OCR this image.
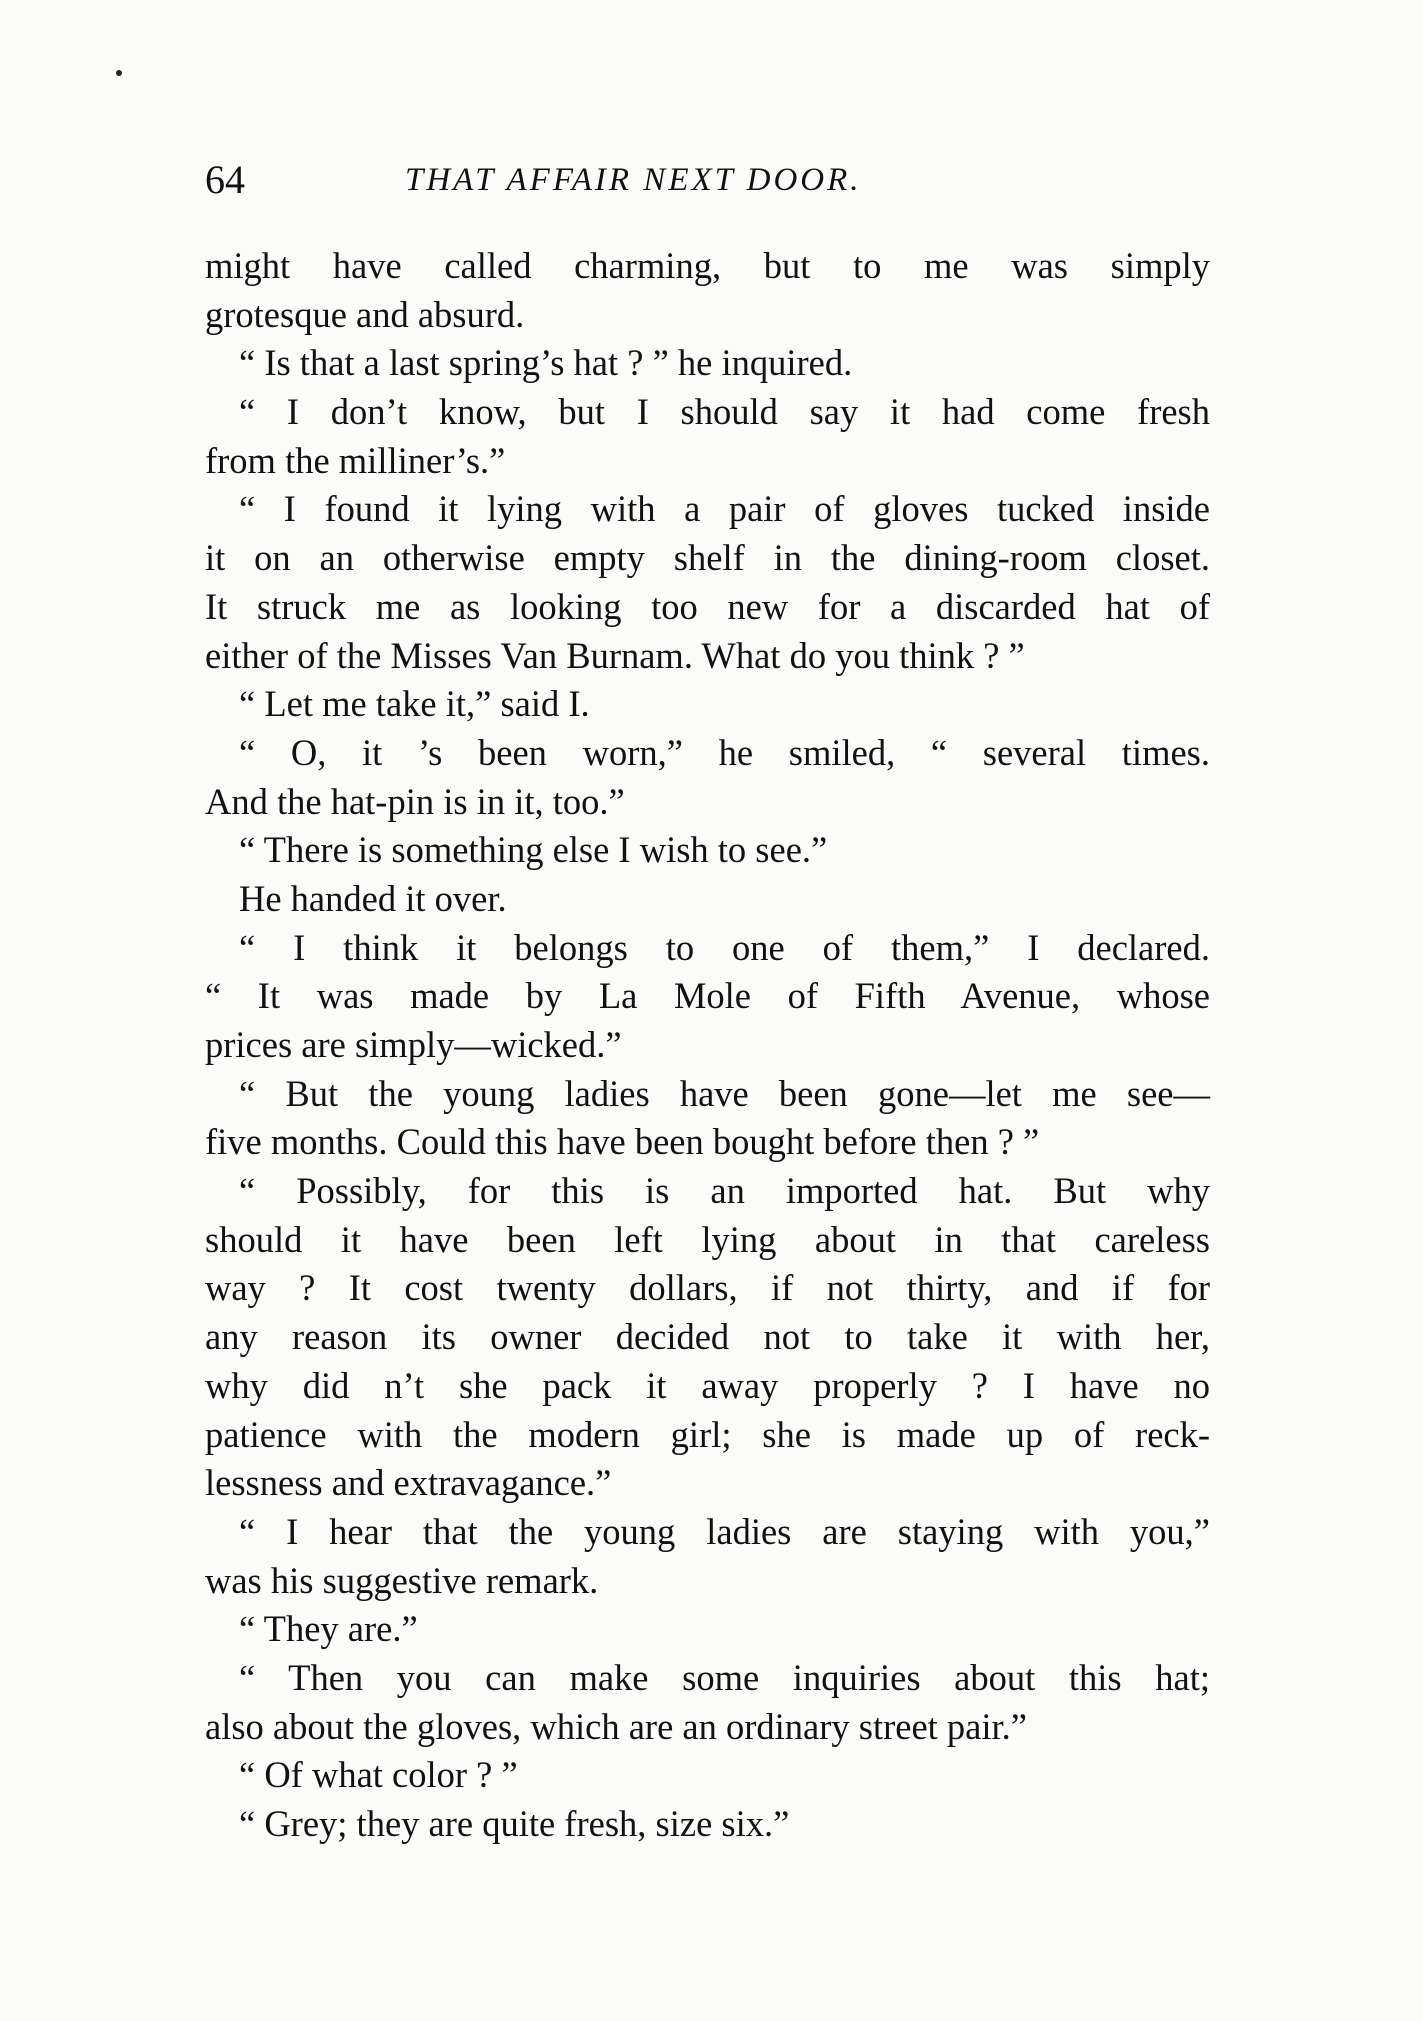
64	THAT AFFAIR NEXT DOOR.
might have called charming, but to me was simply
grotesque and absurd.
“ Is that a last spring’s hat ? ” he inquired.
“ I don’t know, but I should say it had come fresh
from the milliner’s.”
“ I found it lying with a pair of gloves tucked inside
it on an otherwise empty shelf in the dining-room closet.
It struck me as looking too new for a discarded hat of
either of the Misses Van Burnam. What do you think ? ”
“ Let me take it,” said I.
“ O, it ’s been worn,” he smiled, “ several times.
And the hat-pin is in it, too.”
“ There is something else I wish to see.”
He handed it over.
“ I think it belongs to one of them,” I declared.
“ It was made by La Mole of Fifth Avenue, whose
prices are simply—wicked.”
“ But the young ladies have been gone—let me see—
five months. Could this have been bought before then ? ”
“ Possibly, for this is an imported hat. But why
should it have been left lying about in that careless
way ? It cost twenty dollars, if not thirty, and if for
any reason its owner decided not to take it with her,
why did n’t she pack it away properly ? I have no
patience with the modern girl; she is made up of reck-
lessness and extravagance.”
“ I hear that the young ladies are staying with you,”
was his suggestive remark.
“ They are.”
“ Then you can make some inquiries about this hat;
also about the gloves, which are an ordinary street pair.”
“ Of what color ? ”
“ Grey; they are quite fresh, size six.”
